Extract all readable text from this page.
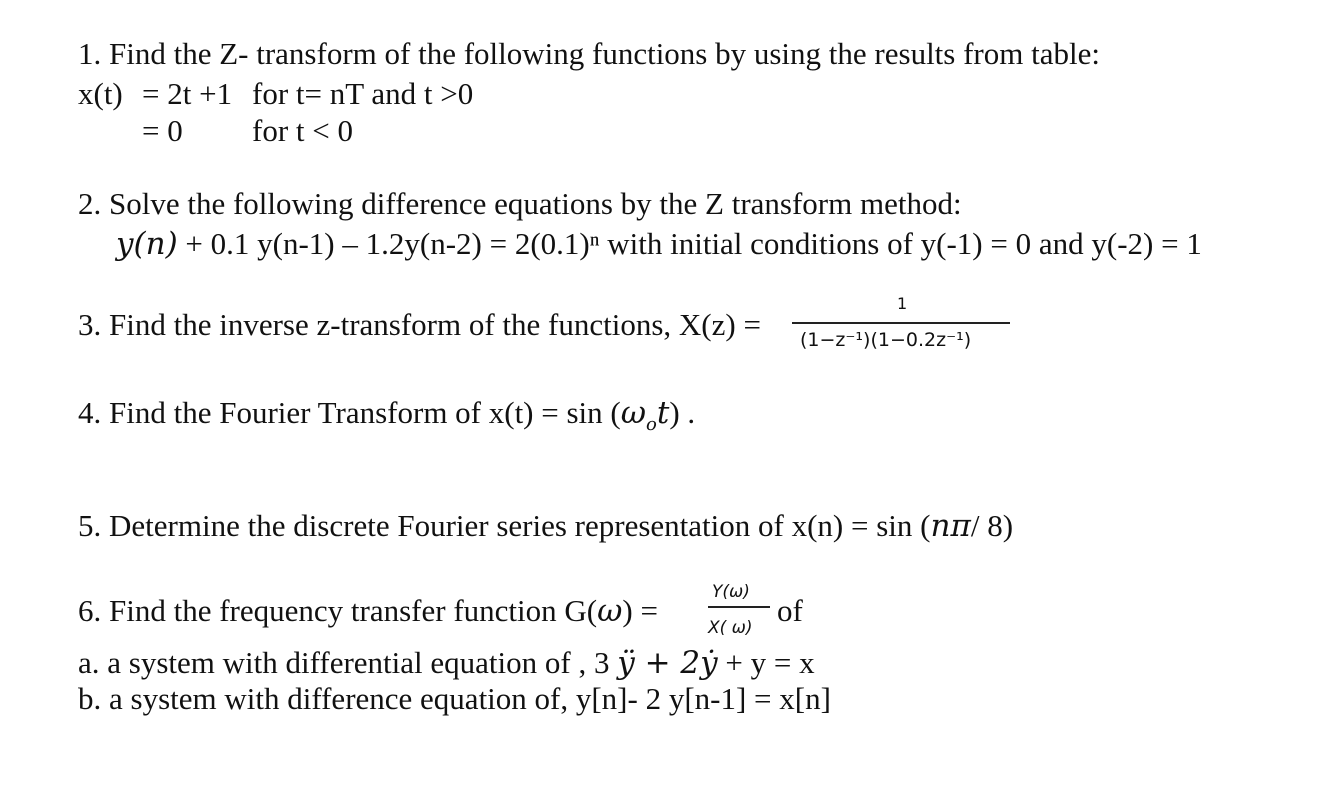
1. Find the Z- transform of the following functions by using the results from table:
x(t) = 2t +1 for t= nT and t >0
= 0 for t < 0
2. Solve the following difference equations by the Z transform method:
y(n) + 0.1 y(n-1) – 1.2y(n-2) = 2(0.1)ⁿ with initial conditions of y(-1) = 0 and y(-2) = 1
3. Find the inverse z-transform of the functions, X(z) =
1
(1−z⁻¹)(1−0.2z⁻¹)
4. Find the Fourier Transform of $x(t) = \sin (\omega_ot)$ .
5. Determine the discrete Fourier series representation of x(n) = sin (nπ/ 8)
6. Find the frequency transfer function G(ω) =
Y(ω)
X( ω) of
a. a system with differential equation of , 3 ÿ + 2ẏ + y = x
b. a system with difference equation of, y[n]- 2 y[n-1] = x[n]
